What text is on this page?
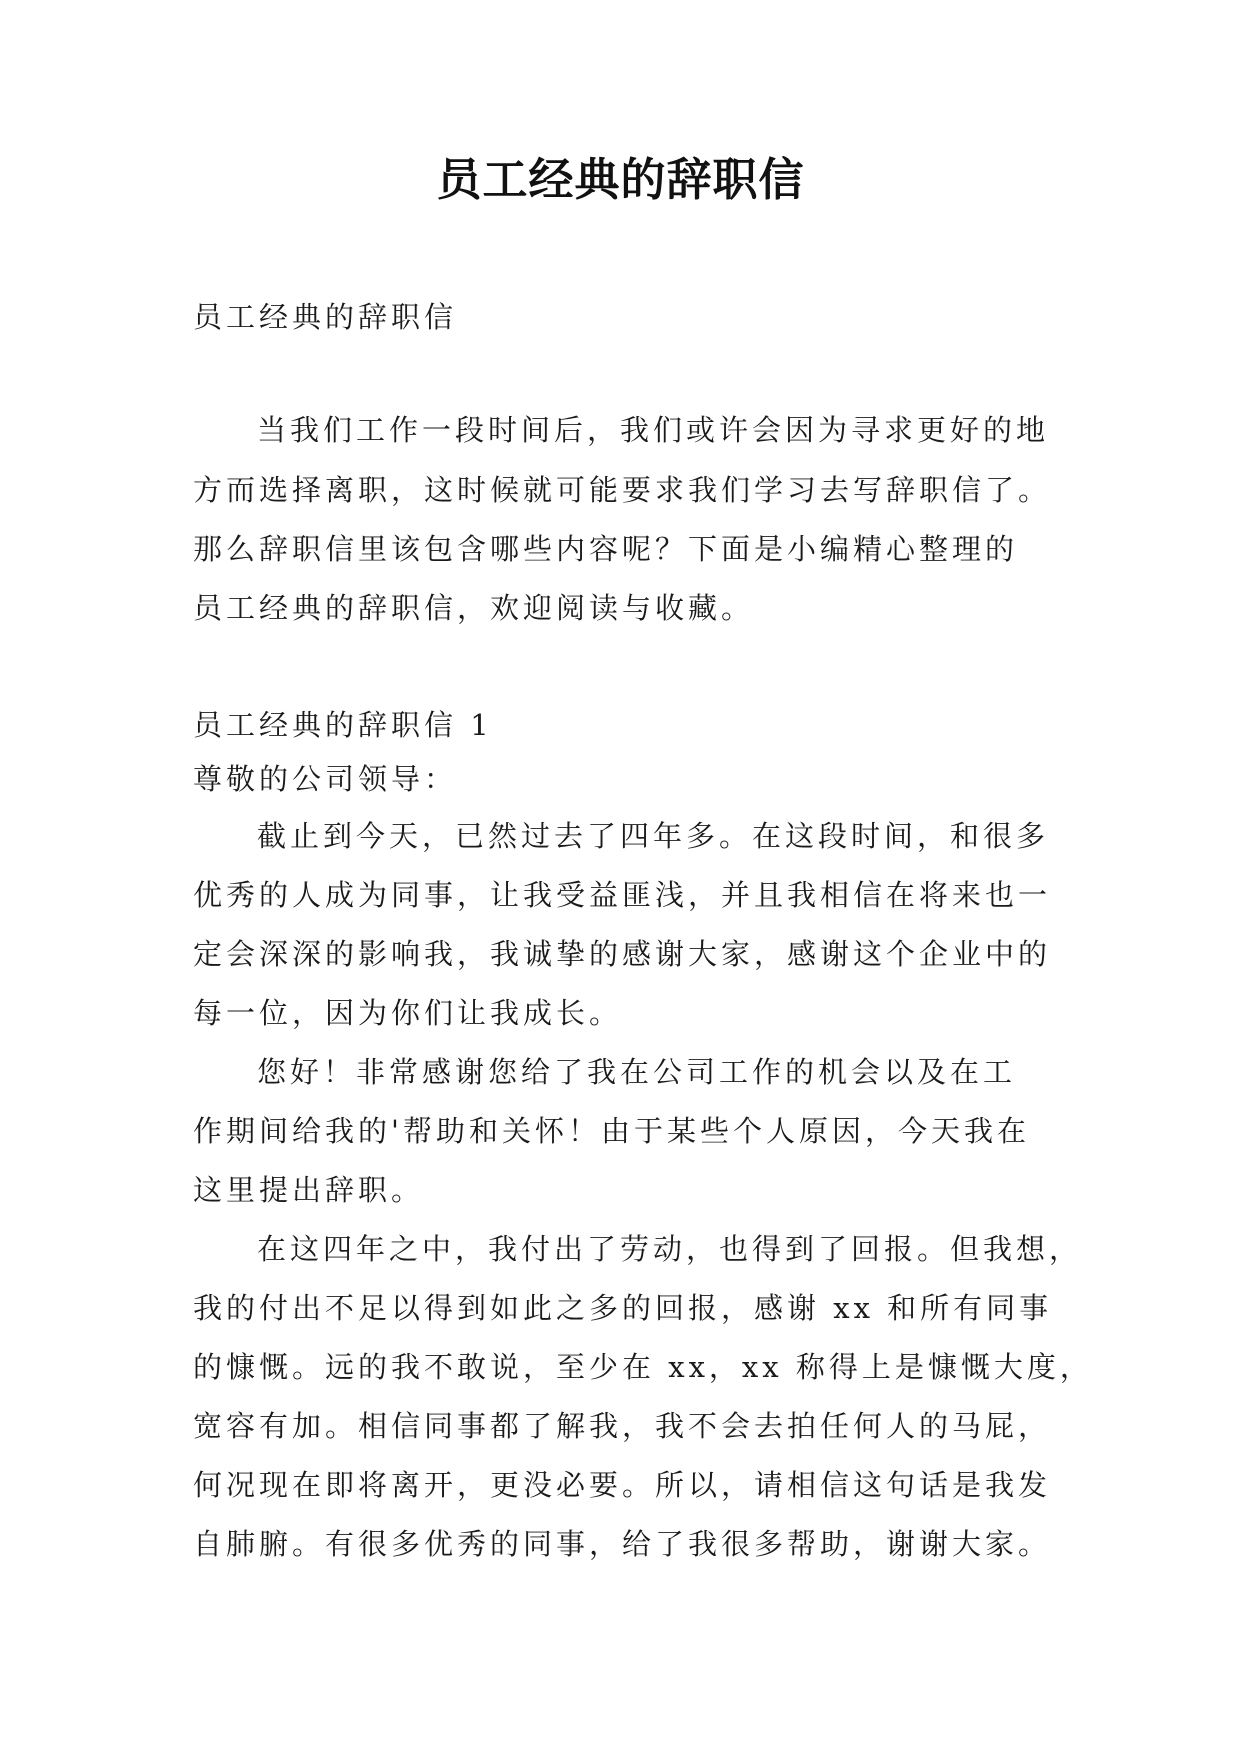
员工经典的辞职信
员工经典的辞职信
当我们工作一段时间后，我们或许会因为寻求更好的地
方而选择离职，这时候就可能要求我们学习去写辞职信了。
那么辞职信里该包含哪些内容呢？下面是小编精心整理的
员工经典的辞职信，欢迎阅读与收藏。
员工经典的辞职信 1
尊敬的公司领导：
截止到今天，已然过去了四年多。在这段时间，和很多
优秀的人成为同事，让我受益匪浅，并且我相信在将来也一
定会深深的影响我，我诚挚的感谢大家，感谢这个企业中的
每一位，因为你们让我成长。
您好！非常感谢您给了我在公司工作的机会以及在工
作期间给我的'帮助和关怀！由于某些个人原因，今天我在
这里提出辞职。
在这四年之中，我付出了劳动，也得到了回报。但我想，
我的付出不足以得到如此之多的回报，感谢 xx 和所有同事
的慷慨。远的我不敢说，至少在 xx，xx 称得上是慷慨大度，
宽容有加。相信同事都了解我，我不会去拍任何人的马屁，
何况现在即将离开，更没必要。所以，请相信这句话是我发
自肺腑。有很多优秀的同事，给了我很多帮助，谢谢大家。
